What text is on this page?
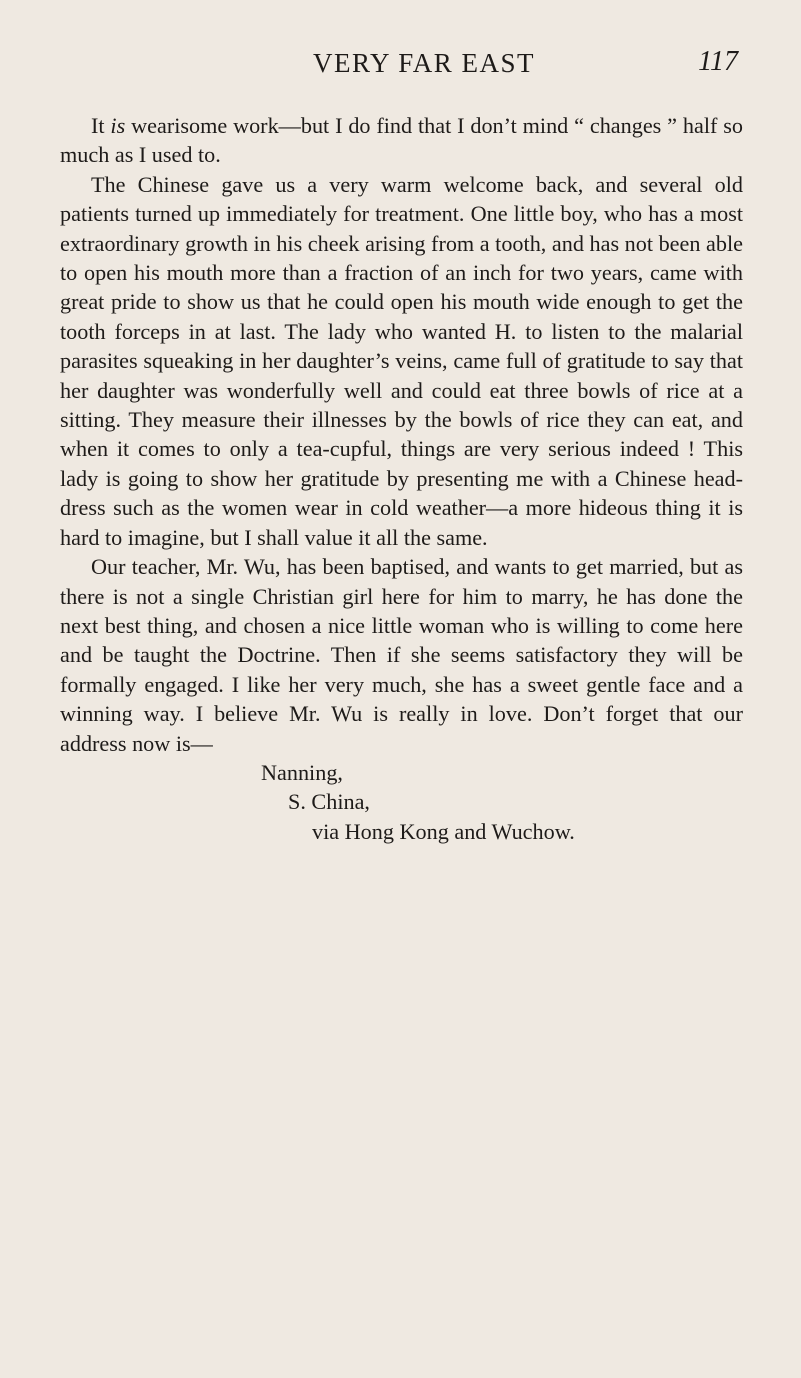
VERY FAR EAST	117

It is wearisome work—but I do find that I don’t mind “ changes ” half so much as I used to.

The Chinese gave us a very warm welcome back, and several old patients turned up immediately for treatment. One little boy, who has a most extraordinary growth in his cheek arising from a tooth, and has not been able to open his mouth more than a fraction of an inch for two years, came with great pride to show us that he could open his mouth wide enough to get the tooth forceps in at last. The lady who wanted H. to listen to the malarial parasites squeaking in her daughter’s veins, came full of gratitude to say that her daughter was wonderfully well and could eat three bowls of rice at a sitting. They measure their illnesses by the bowls of rice they can eat, and when it comes to only a tea-cupful, things are very serious indeed ! This lady is going to show her gratitude by presenting me with a Chinese head-dress such as the women wear in cold weather—a more hideous thing it is hard to imagine, but I shall value it all the same.

Our teacher, Mr. Wu, has been baptised, and wants to get married, but as there is not a single Christian girl here for him to marry, he has done the next best thing, and chosen a nice little woman who is willing to come here and be taught the Doctrine. Then if she seems satisfactory they will be formally engaged. I like her very much, she has a sweet gentle face and a winning way. I believe Mr. Wu is really in love. Don’t forget that our address now is—

Nanning,
S. China,
via Hong Kong and Wuchow.
